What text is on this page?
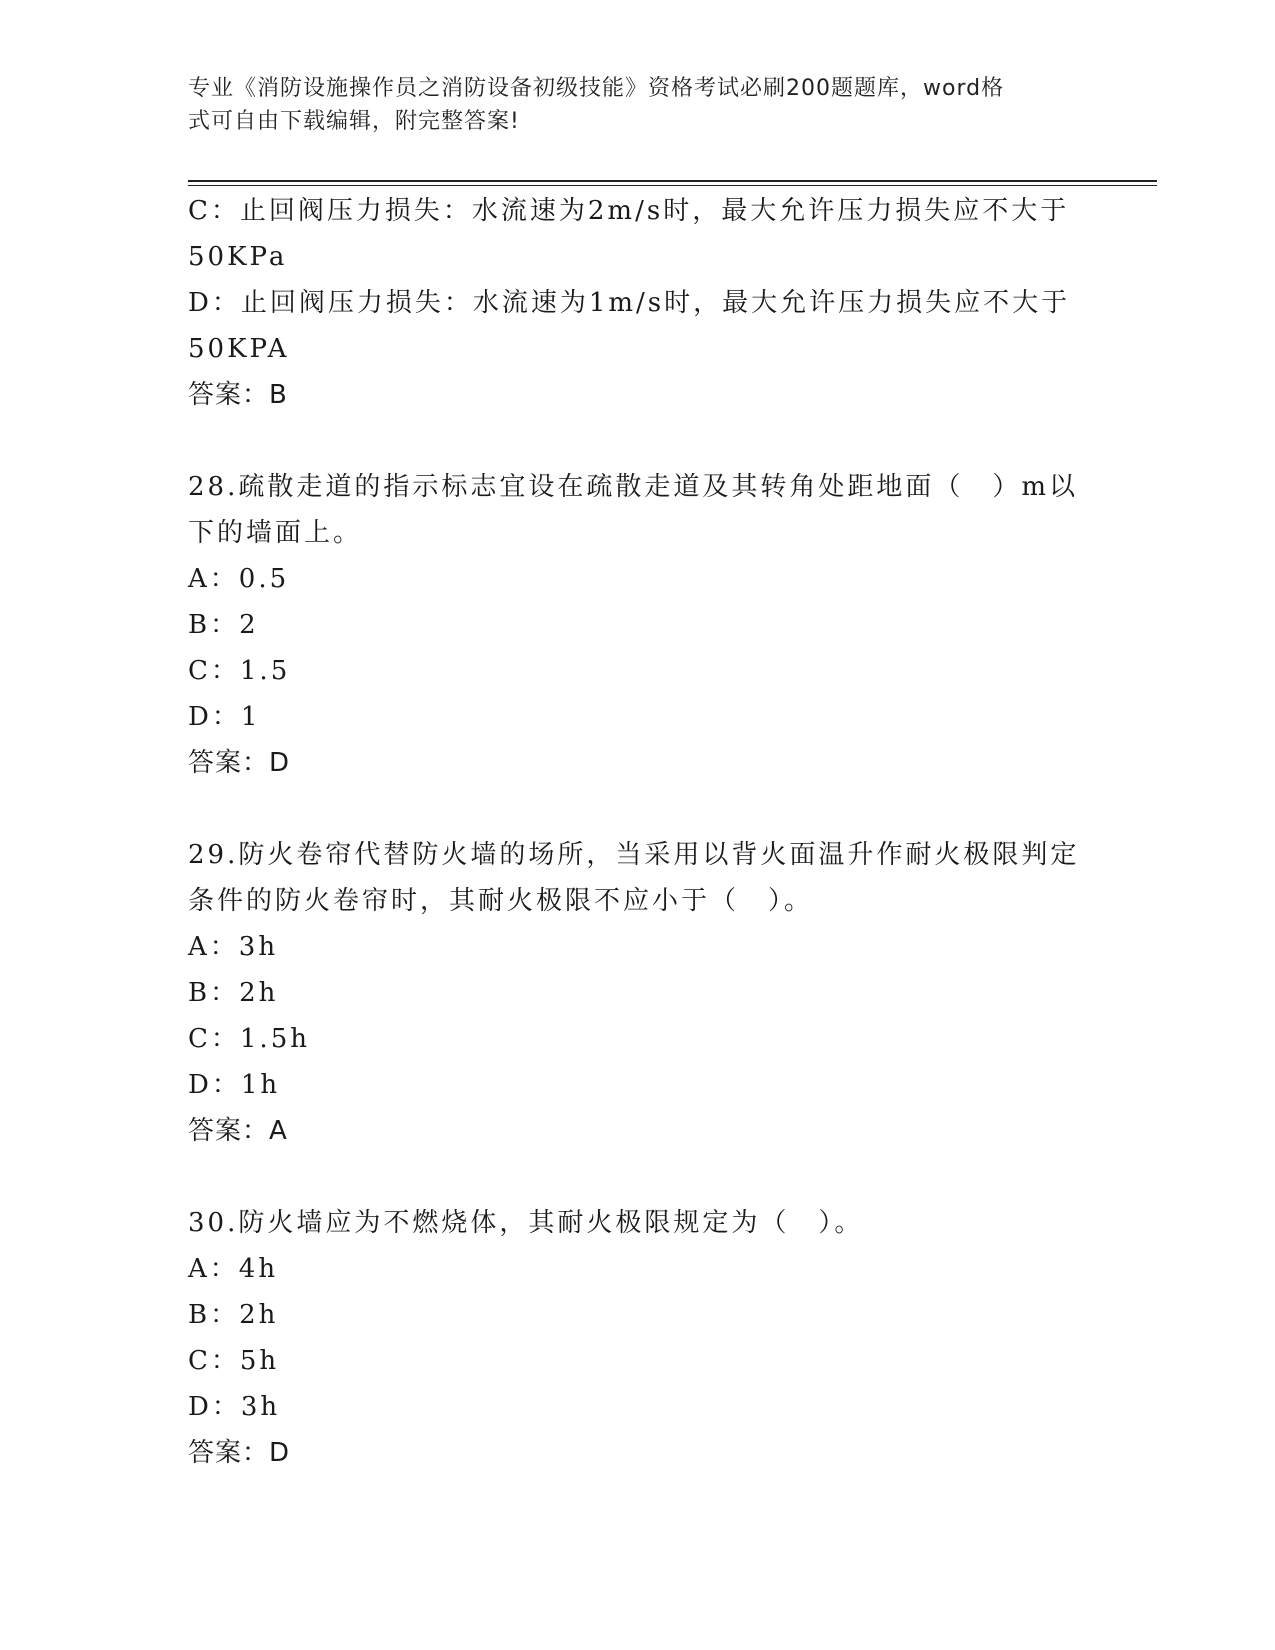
专业《消防设施操作员之消防设备初级技能》资格考试必刷200题题库，word格
式可自由下载编辑，附完整答案!
C：止回阀压力损失：水流速为2m/s时，最大允许压力损失应不大于
50KPa
D：止回阀压力损失：水流速为1m/s时，最大允许压力损失应不大于
50KPA
答案：B
28.疏散走道的指示标志宜设在疏散走道及其转角处距地面（　）m以
下的墙面上。
A：0.5
B：2
C：1.5
D：1
答案：D
29.防火卷帘代替防火墙的场所，当采用以背火面温升作耐火极限判定
条件的防火卷帘时，其耐火极限不应小于（　）。
A：3h
B：2h
C：1.5h
D：1h
答案：A
30.防火墙应为不燃烧体，其耐火极限规定为（　）。
A：4h
B：2h
C：5h
D：3h
答案：D
